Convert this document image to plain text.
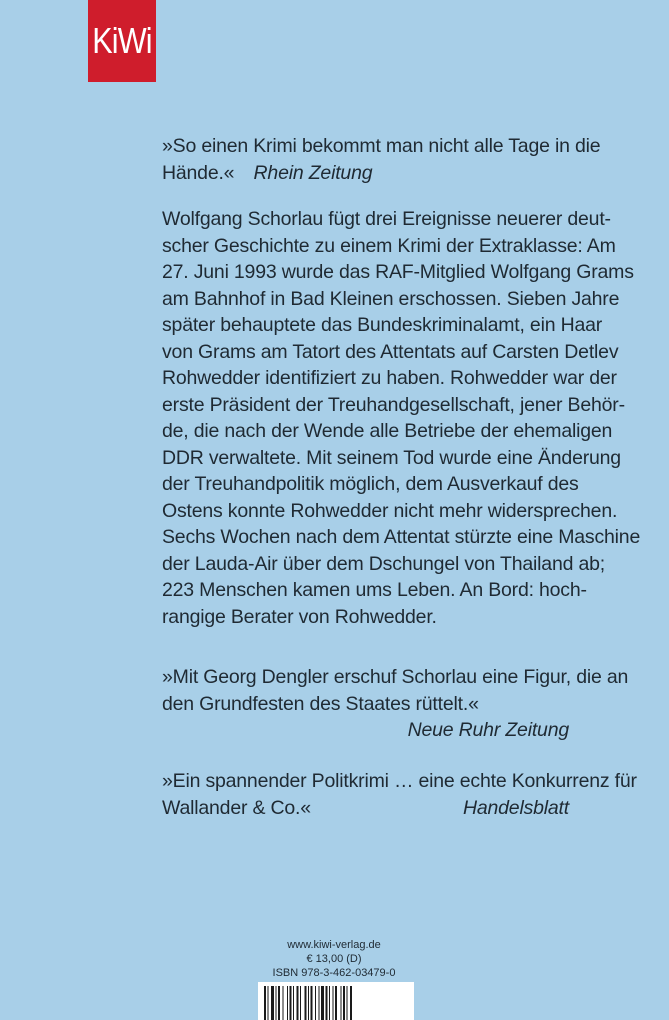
KiWi
»So einen Krimi bekommt man nicht alle Tage in die
Hände.« Rhein Zeitung
Wolfgang Schorlau fügt drei Ereignisse neuerer deut-
scher Geschichte zu einem Krimi der Extraklasse: Am
27. Juni 1993 wurde das RAF-Mitglied Wolfgang Grams
am Bahnhof in Bad Kleinen erschossen. Sieben Jahre
später behauptete das Bundeskriminalamt, ein Haar
von Grams am Tatort des Attentats auf Carsten Detlev
Rohwedder identifiziert zu haben. Rohwedder war der
erste Präsident der Treuhandgesellschaft, jener Behör-
de, die nach der Wende alle Betriebe der ehemaligen
DDR verwaltete. Mit seinem Tod wurde eine Änderung
der Treuhandpolitik möglich, dem Ausverkauf des
Ostens konnte Rohwedder nicht mehr widersprechen.
Sechs Wochen nach dem Attentat stürzte eine Maschine
der Lauda-Air über dem Dschungel von Thailand ab;
223 Menschen kamen ums Leben. An Bord: hoch-
rangige Berater von Rohwedder.
»Mit Georg Dengler erschuf Schorlau eine Figur, die an
den Grundfesten des Staates rüttelt.«
Neue Ruhr Zeitung
»Ein spannender Politkrimi … eine echte Konkurrenz für
Wallander & Co.«	Handelsblatt
www.kiwi-verlag.de
€ 13,00 (D)
ISBN 978-3-462-03479-0
